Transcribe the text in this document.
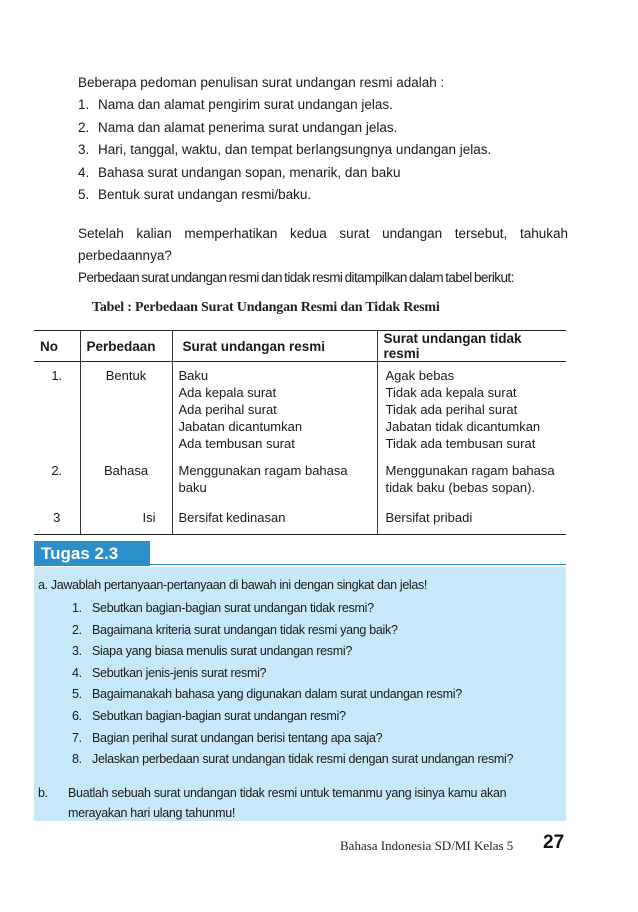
Beberapa pedoman penulisan surat undangan resmi adalah :

1. Nama dan alamat pengirim surat undangan jelas.
2. Nama dan alamat penerima surat undangan jelas.
3. Hari, tanggal, waktu, dan tempat berlangsungnya undangan jelas.
4. Bahasa surat undangan sopan, menarik, dan baku
5. Bentuk surat undangan resmi/baku.

Setelah kalian memperhatikan kedua surat undangan tersebut, tahukah perbedaannya?

Perbedaan surat undangan resmi dan tidak resmi ditampilkan dalam tabel berikut:

Tabel : Perbedaan Surat Undangan Resmi dan Tidak Resmi
No	Perbedaan	Surat undangan resmi	Surat undangan tidak resmi
1.	Bentuk	Baku
Ada kepala surat
Ada perihal surat
Jabatan dicantumkan
Ada tembusan surat	Agak bebas
Tidak ada kepala surat
Tidak ada perihal surat
Jabatan tidak dicantumkan
Tidak ada tembusan surat

2.	Bahasa	Menggunakan ragam bahasa
baku	Menggunakan ragam bahasa
tidak baku (bebas sopan).

3	Isi	Bersifat kedinasan	Bersifat pribadi
Tugas 2.3
a. Jawablah pertanyaan-pertanyaan di bawah ini dengan singkat dan jelas!
1. Sebutkan bagian-bagian surat undangan tidak resmi?
2. Bagaimana kriteria surat undangan tidak resmi yang baik?
3. Siapa yang biasa menulis surat undangan resmi?
4. Sebutkan jenis-jenis surat resmi?
5. Bagaimanakah bahasa yang digunakan dalam surat undangan resmi?
6. Sebutkan bagian-bagian surat undangan resmi?
7. Bagian perihal surat undangan berisi tentang apa saja?
8. Jelaskan perbedaan surat undangan tidak resmi dengan surat undangan resmi?
b.	Buatlah sebuah surat undangan tidak resmi untuk temanmu yang isinya kamu akan merayakan hari ulang tahunmu!
Bahasa Indonesia SD/MI Kelas 5 27
